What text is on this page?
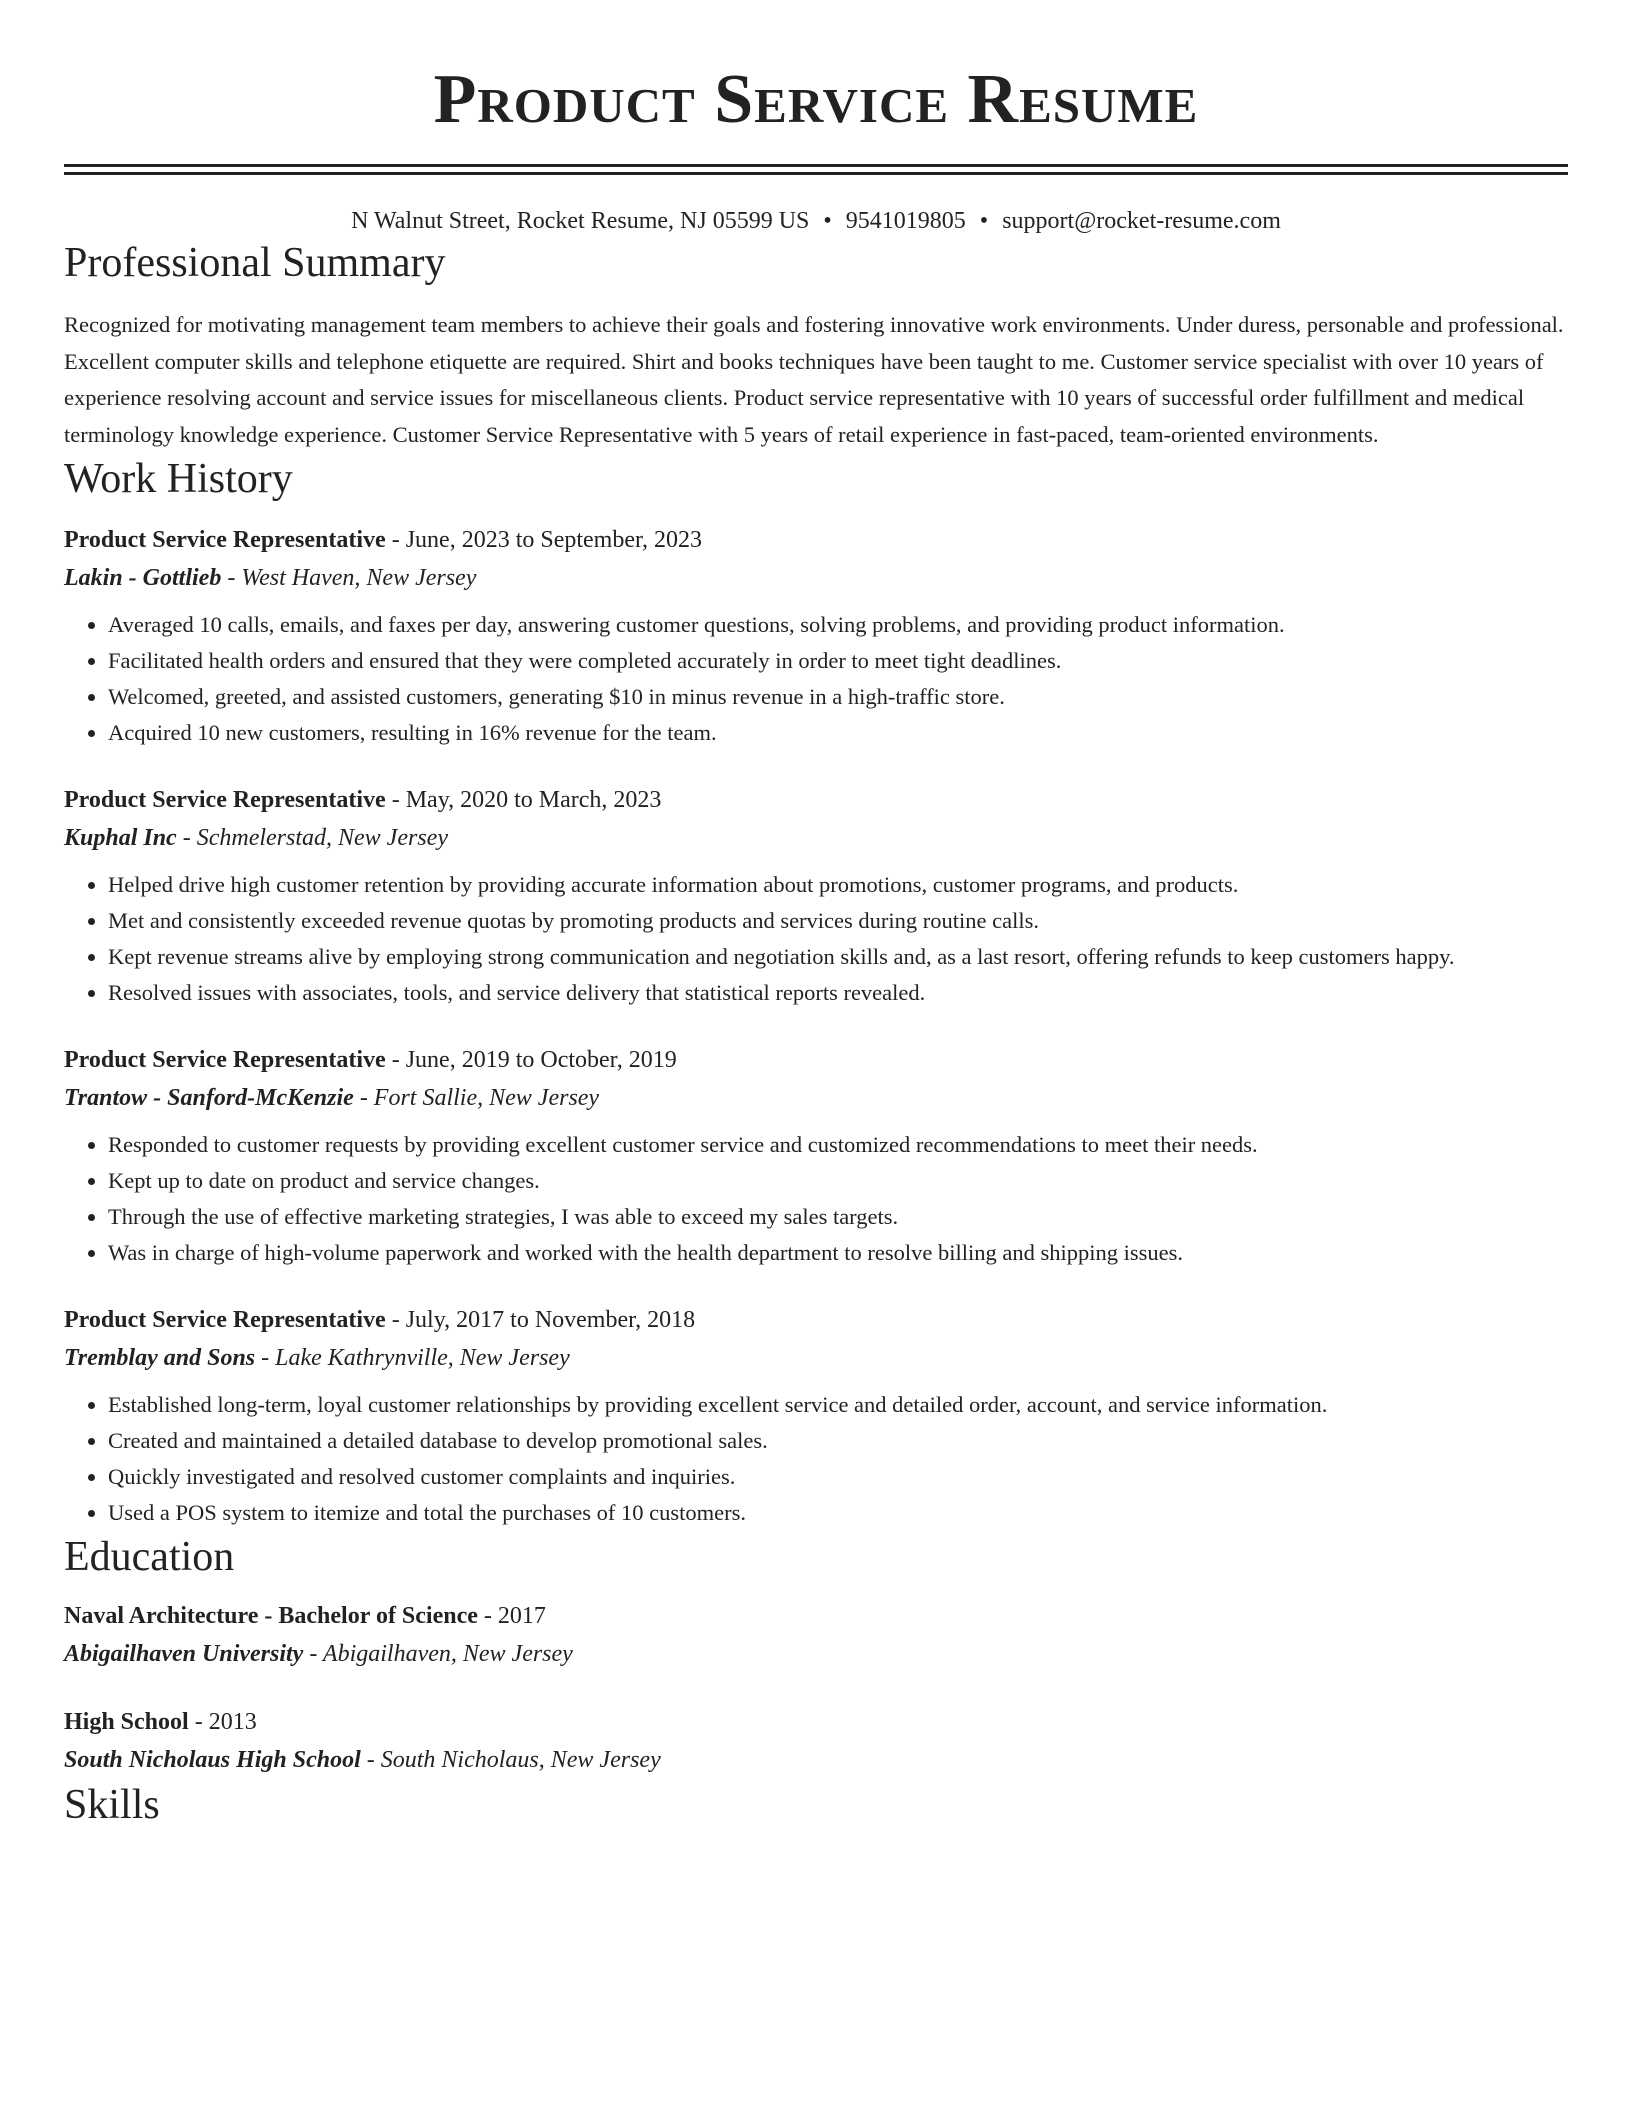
Product Service Resume
N Walnut Street, Rocket Resume, NJ 05599 US • 9541019805 • support@rocket-resume.com
Professional Summary

Recognized for motivating management team members to achieve their goals and fostering innovative work environments. Under duress, personable and professional. Excellent computer skills and telephone etiquette are required. Shirt and books techniques have been taught to me. Customer service specialist with over 10 years of experience resolving account and service issues for miscellaneous clients. Product service representative with 10 years of successful order fulfillment and medical terminology knowledge experience. Customer Service Representative with 5 years of retail experience in fast-paced, team-oriented environments.

Work History
Product Service Representative - June, 2023 to September, 2023
Lakin - Gottlieb - West Haven, New Jersey
• Averaged 10 calls, emails, and faxes per day, answering customer questions, solving problems, and providing product information.
• Facilitated health orders and ensured that they were completed accurately in order to meet tight deadlines.
• Welcomed, greeted, and assisted customers, generating $10 in minus revenue in a high-traffic store.
• Acquired 10 new customers, resulting in 16% revenue for the team.
Product Service Representative - May, 2020 to March, 2023
Kuphal Inc - Schmelerstad, New Jersey
• Helped drive high customer retention by providing accurate information about promotions, customer programs, and products.
• Met and consistently exceeded revenue quotas by promoting products and services during routine calls.
• Kept revenue streams alive by employing strong communication and negotiation skills and, as a last resort, offering refunds to keep customers happy.
• Resolved issues with associates, tools, and service delivery that statistical reports revealed.
Product Service Representative - June, 2019 to October, 2019
Trantow - Sanford-McKenzie - Fort Sallie, New Jersey
• Responded to customer requests by providing excellent customer service and customized recommendations to meet their needs.
• Kept up to date on product and service changes.
• Through the use of effective marketing strategies, I was able to exceed my sales targets.
• Was in charge of high-volume paperwork and worked with the health department to resolve billing and shipping issues.
Product Service Representative - July, 2017 to November, 2018
Tremblay and Sons - Lake Kathrynville, New Jersey
• Established long-term, loyal customer relationships by providing excellent service and detailed order, account, and service information.
• Created and maintained a detailed database to develop promotional sales.
• Quickly investigated and resolved customer complaints and inquiries.
• Used a POS system to itemize and total the purchases of 10 customers.
Education
Naval Architecture - Bachelor of Science - 2017
Abigailhaven University - Abigailhaven, New Jersey
High School - 2013
South Nicholaus High School - South Nicholaus, New Jersey
Skills
